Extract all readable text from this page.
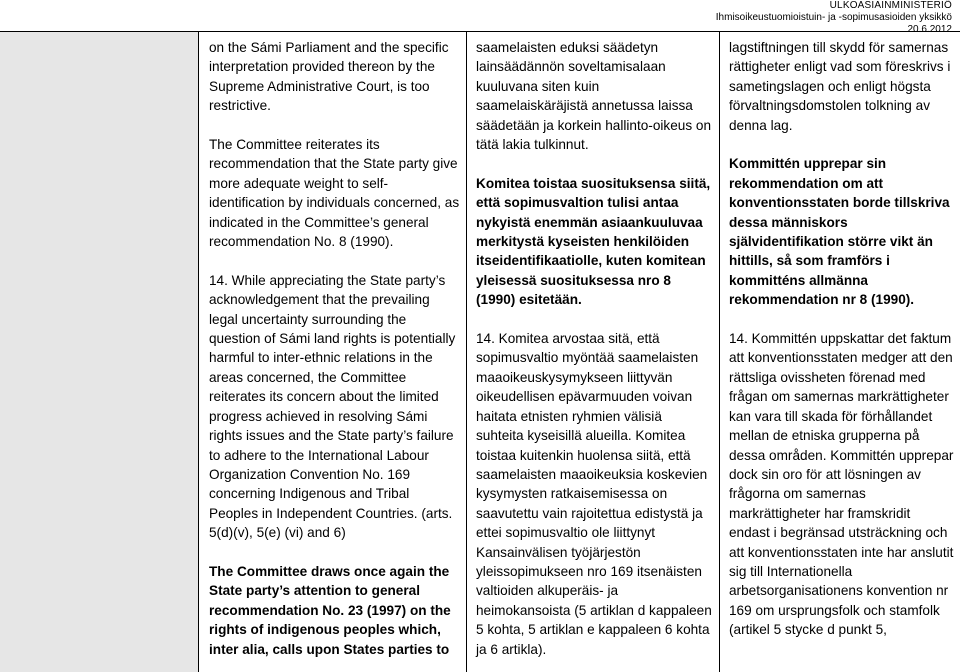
ULKOASIAINMINISTERIÖ
Ihmisoikeustuomioistuin- ja -sopimusasioiden yksikkö
20.6.2012

on the Sámi Parliament and the specific interpretation provided thereon by the Supreme Administrative Court, is too restrictive.

The Committee reiterates its recommendation that the State party give more adequate weight to self-identification by individuals concerned, as indicated in the Committee’s general recommendation No. 8 (1990).

14. While appreciating the State party’s acknowledgement that the prevailing legal uncertainty surrounding the question of Sámi land rights is potentially harmful to inter-ethnic relations in the areas concerned, the Committee reiterates its concern about the limited progress achieved in resolving Sámi rights issues and the State party’s failure to adhere to the International Labour Organization Convention No. 169 concerning Indigenous and Tribal Peoples in Independent Countries. (arts. 5(d)(v), 5(e) (vi) and 6)

The Committee draws once again the State party’s attention to general recommendation No. 23 (1997) on the rights of indigenous peoples which, inter alia, calls upon States parties to

saamelaisten eduksi säädetyn lainsäädännön soveltamisalaan kuuluvana siten kuin saamelaiskäräjistä annetussa laissa säädetään ja korkein hallinto-oikeus on tätä lakia tulkinnut.

Komitea toistaa suosituksensa siitä, että sopimusvaltion tulisi antaa nykyistä enemmän asiaankuuluvaa merkitystä kyseisten henkilöiden itseidentifikaatiolle, kuten komitean yleisessä suosituksessa nro 8 (1990) esitetään.

14. Komitea arvostaa sitä, että sopimusvaltio myöntää saamelaisten maaoikeuskysymykseen liittyvän oikeudellisen epävarmuuden voivan haitata etnisten ryhmien välisiä suhteita kyseisillä alueilla. Komitea toistaa kuitenkin huolensa siitä, että saamelaisten maaoikeuksia koskevien kysymysten ratkaisemisessa on saavutettu vain rajoitettua edistystä ja ettei sopimusvaltio ole liittynyt Kansainvälisen työjärjestön yleissopimukseen nro 169 itsenäisten valtioiden alkuperäis- ja heimokansoista (5 artiklan d kappaleen 5 kohta, 5 artiklan e kappaleen 6 kohta ja 6 artikla).

lagstiftningen till skydd för samernas rättigheter enligt vad som föreskrivs i sametingslagen och enligt högsta förvaltningsdomstolen tolkning av denna lag.

Kommittén upprepar sin rekommendation om att konventionsstaten borde tillskriva dessa människors självidentifikation större vikt än hittills, så som framförs i kommitténs allmänna rekommendation nr 8 (1990).

14. Kommittén uppskattar det faktum att konventionsstaten medger att den rättsliga ovissheten förenad med frågan om samernas markrättigheter kan vara till skada för förhållandet mellan de etniska grupperna på dessa områden. Kommittén upprepar dock sin oro för att lösningen av frågorna om samernas markrättigheter har framskridit endast i begränsad utsträckning och att konventionsstaten inte har anslutit sig till Internationella arbetsorganisationens konvention nr 169 om ursprungsfolk och stamfolk (artikel 5 stycke d punkt 5,
